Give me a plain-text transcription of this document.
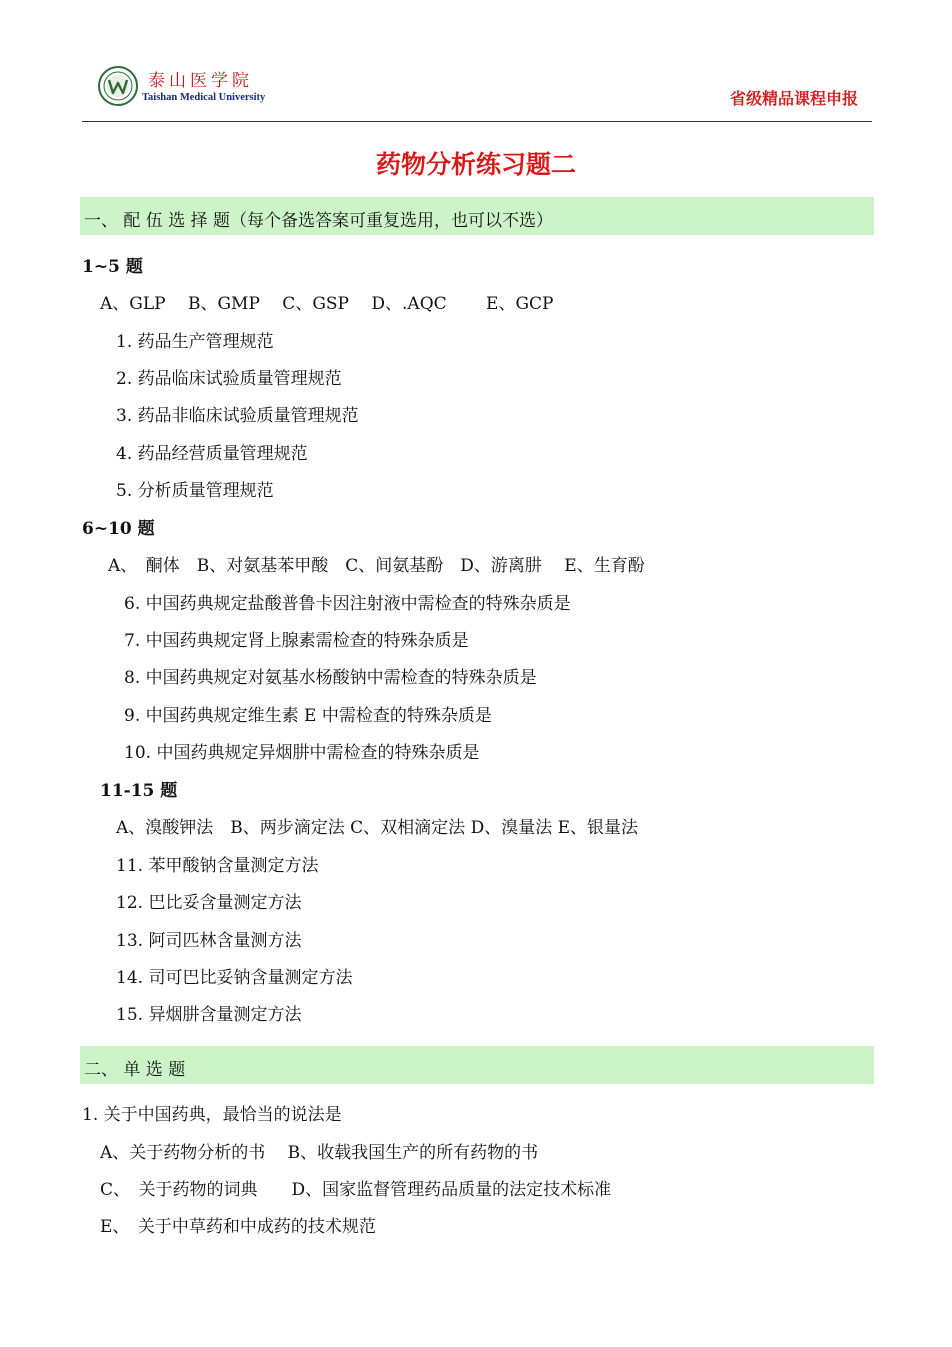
泰山医学院
Taishan Medical University	省级精品课程申报
药物分析练习题二
一、 配 伍 选 择 题（每个备选答案可重复选用，也可以不选）
1~5 题
A、GLP　 B、GMP　 C、GSP　 D、.AQC　　 E、GCP
1. 药品生产管理规范
2. 药品临床试验质量管理规范
3. 药品非临床试验质量管理规范
4. 药品经营质量管理规范
5. 分析质量管理规范
6~10 题
A、　酮体　B、对氨基苯甲酸　C、间氨基酚　D、游离肼　 E、生育酚
6. 中国药典规定盐酸普鲁卡因注射液中需检查的特殊杂质是
7. 中国药典规定肾上腺素需检查的特殊杂质是
8. 中国药典规定对氨基水杨酸钠中需检查的特殊杂质是
9. 中国药典规定维生素 E 中需检查的特殊杂质是
10. 中国药典规定异烟肼中需检查的特殊杂质是
11-15 题
A、溴酸钾法　B、两步滴定法 C、双相滴定法 D、溴量法 E、银量法
11. 苯甲酸钠含量测定方法
12. 巴比妥含量测定方法
13. 阿司匹林含量测方法
14. 司可巴比妥钠含量测定方法
15. 异烟肼含量测定方法
二、 单 选 题
1. 关于中国药典，最恰当的说法是
A、关于药物分析的书　 B、收载我国生产的所有药物的书
C、　关于药物的词典　　D、国家监督管理药品质量的法定技术标准
E、　关于中草药和中成药的技术规范
